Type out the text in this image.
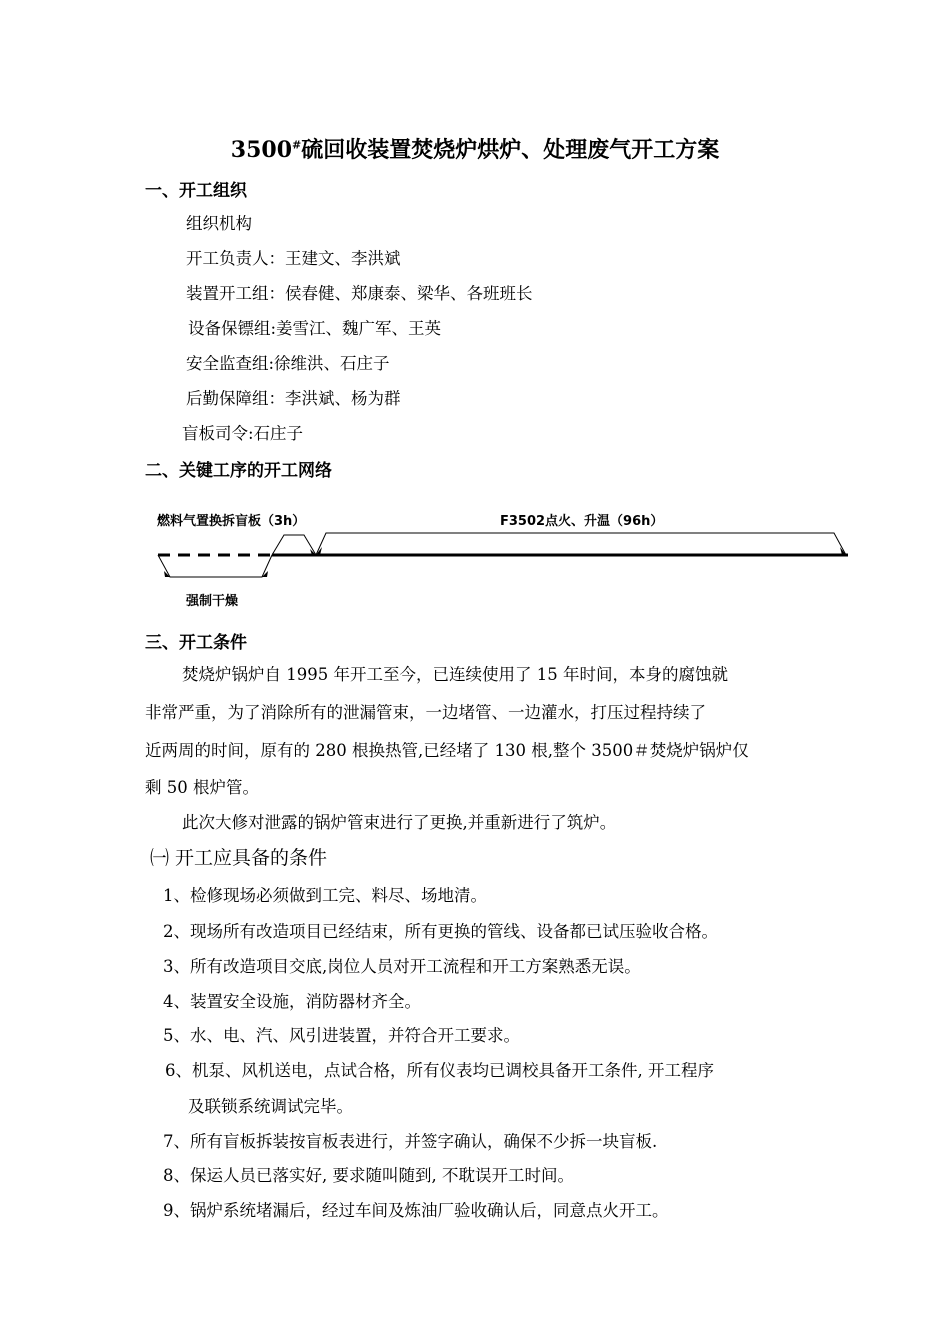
3500#硫回收装置焚烧炉烘炉、处理废气开工方案
一、开工组织
组织机构
开工负责人：王建文、李洪斌
装置开工组：侯春健、郑康泰、梁华、各班班长
设备保镖组:姜雪江、魏广军、王英
安全监查组:徐维洪、石庄子
后勤保障组：李洪斌、杨为群
盲板司令:石庄子
二、关键工序的开工网络
燃料气置换拆盲板（3h）	F3502点火、升温（96h）
强制干燥
三、开工条件
焚烧炉锅炉自 1995 年开工至今，已连续使用了 15 年时间，本身的腐蚀就
非常严重，为了消除所有的泄漏管束，一边堵管、一边灌水，打压过程持续了
近两周的时间，原有的 280 根换热管,已经堵了 130 根,整个 3500＃焚烧炉锅炉仅
剩 50 根炉管。
此次大修对泄露的锅炉管束进行了更换,并重新进行了筑炉。
㈠ 开工应具备的条件
1、检修现场必须做到工完、料尽、场地清。
2、现场所有改造项目已经结束，所有更换的管线、设备都已试压验收合格。
3、所有改造项目交底,岗位人员对开工流程和开工方案熟悉无误。
4、装置安全设施，消防器材齐全。
5、水、电、汽、风引进装置，并符合开工要求。
6、机泵、风机送电，点试合格，所有仪表均已调校具备开工条件, 开工程序
及联锁系统调试完毕。
7、所有盲板拆装按盲板表进行，并签字确认，确保不少拆一块盲板.
8、保运人员已落实好, 要求随叫随到, 不耽误开工时间。
9、锅炉系统堵漏后，经过车间及炼油厂验收确认后，同意点火开工。
